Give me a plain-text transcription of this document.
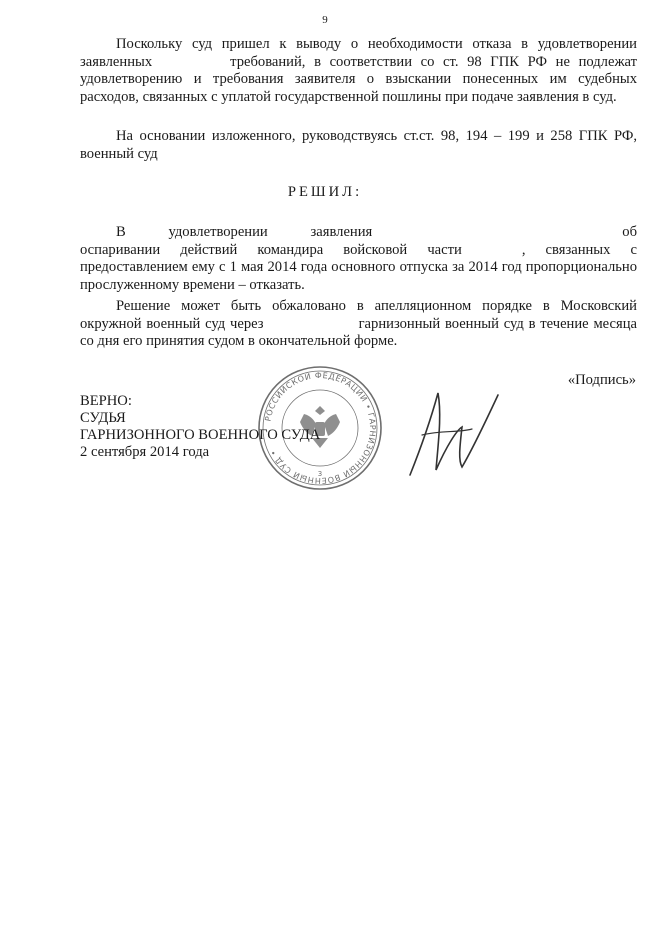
9
Поскольку суд пришел к выводу о необходимости отказа в удовлетворении заявленных	требований, в соответствии со ст. 98 ГПК РФ не подлежат удовлетворению и требования заявителя о взыскании понесенных им судебных расходов, связанных с уплатой государственной пошлины при подаче заявления в суд.
На основании изложенного, руководствуясь ст.ст. 98, 194 – 199 и 258 ГПК РФ, военный суд
РЕШИЛ:
В удовлетворении заявления	об оспаривании действий командира войсковой части	, связанных с предоставлением ему с 1 мая 2014 года основного отпуска за 2014 год пропорционально прослуженному времени – отказать.
Решение может быть обжаловано в апелляционном порядке в Московский окружной военный суд через	гарнизонный военный суд в течение месяца со дня его принятия судом в окончательной форме.
«Подпись»
РОССИЙСКОЙ ФЕДЕРАЦИИ • ГАРНИЗОННЫЙ ВОЕННЫЙ СУД •
3
ВЕРНО:
СУДЬЯ
ГАРНИЗОННОГО ВОЕННОГО СУДА
2 сентября 2014 года
